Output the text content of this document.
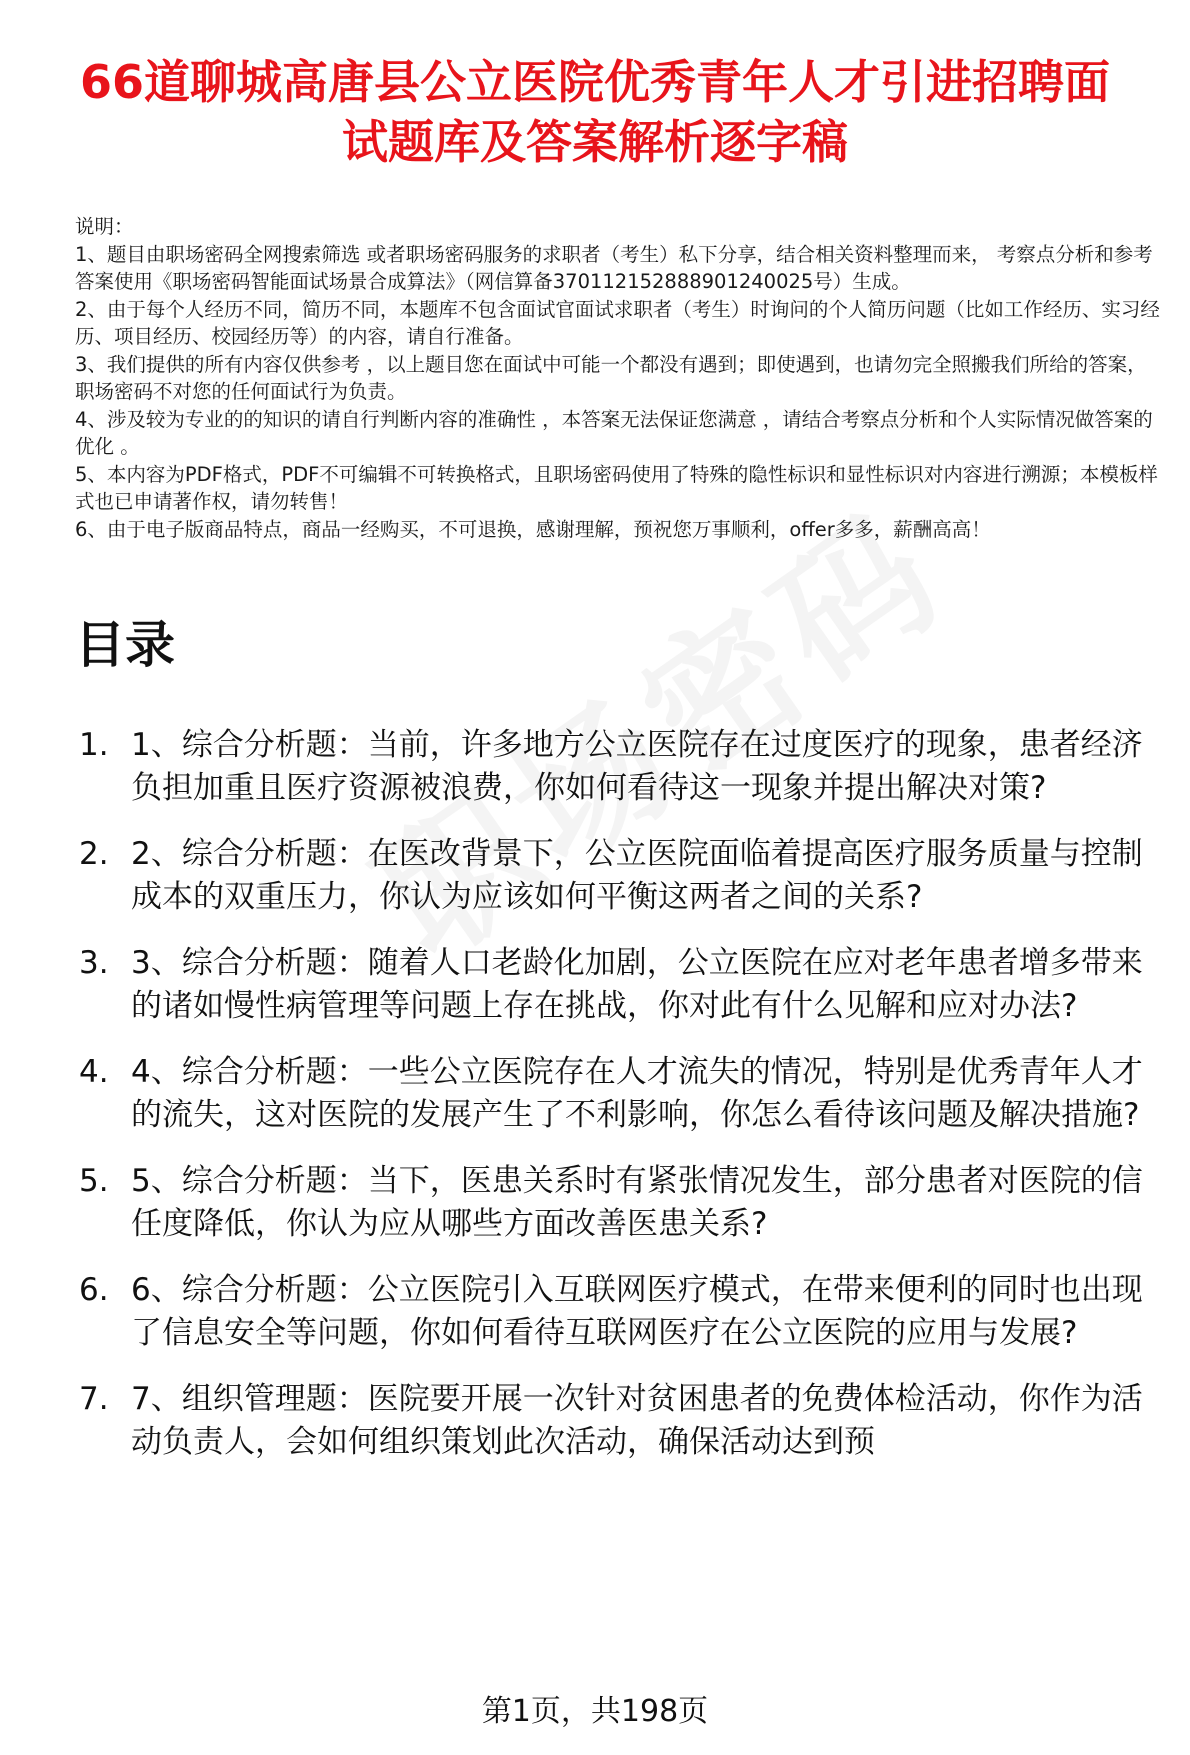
66道聊城高唐县公立医院优秀青年人才引进招聘面试题库及答案解析逐字稿

说明：

1、题目由职场密码全网搜索筛选 或者职场密码服务的求职者（考生）私下分享，结合相关资料整理而来， 考察点分析和参考答案使用《职场密码智能面试场景合成算法》（网信算备370112152888901240025号）生成。

2、由于每个人经历不同，简历不同，本题库不包含面试官面试求职者（考生）时询问的个人简历问题（比如工作经历、实习经历、项目经历、校园经历等）的内容，请自行准备。

3、我们提供的所有内容仅供参考 ，以上题目您在面试中可能一个都没有遇到；即使遇到，也请勿完全照搬我们所给的答案，职场密码不对您的任何面试行为负责。

4、涉及较为专业的的知识的请自行判断内容的准确性 ，本答案无法保证您满意 ，请结合考察点分析和个人实际情况做答案的优化 。

5、本内容为PDF格式，PDF不可编辑不可转换格式，且职场密码使用了特殊的隐性标识和显性标识对内容进行溯源；本模板样式也已申请著作权，请勿转售！

6、由于电子版商品特点，商品一经购买，不可退换，感谢理解，预祝您万事顺利，offer多多，薪酬高高！

目录
1. 1、综合分析题：当前，许多地方公立医院存在过度医疗的现象，患者经济负担加重且医疗资源被浪费，你如何看待这一现象并提出解决对策?
2. 2、综合分析题：在医改背景下，公立医院面临着提高医疗服务质量与控制成本的双重压力，你认为应该如何平衡这两者之间的关系?
3. 3、综合分析题：随着人口老龄化加剧，公立医院在应对老年患者增多带来的诸如慢性病管理等问题上存在挑战，你对此有什么见解和应对办法?
4. 4、综合分析题：一些公立医院存在人才流失的情况，特别是优秀青年人才的流失，这对医院的发展产生了不利影响，你怎么看待该问题及解决措施?
5. 5、综合分析题：当下，医患关系时有紧张情况发生，部分患者对医院的信任度降低，你认为应从哪些方面改善医患关系?
6. 6、综合分析题：公立医院引入互联网医疗模式，在带来便利的同时也出现了信息安全等问题，你如何看待互联网医疗在公立医院的应用与发展?
7. 7、组织管理题：医院要开展一次针对贫困患者的免费体检活动，你作为活动负责人，会如何组织策划此次活动，确保活动达到预
第1页，共198页
